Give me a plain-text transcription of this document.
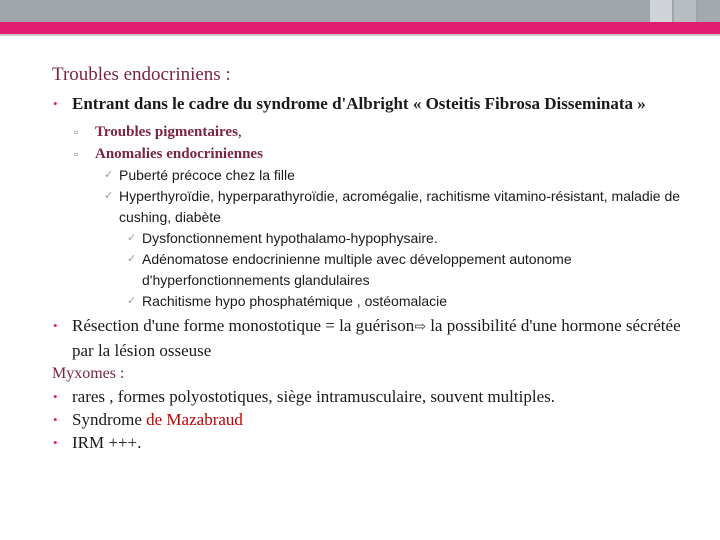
Troubles endocriniens :

• Entrant dans le cadre du syndrome d'Albright « Osteitis Fibrosa Disseminata »

▫ Troubles pigmentaires,

▫ Anomalies endocriniennes

✓ Puberté précoce chez la fille

✓ Hyperthyroïdie, hyperparathyroïdie, acromégalie, rachitisme vitamino-résistant, maladie de cushing, diabète

✓ Dysfonctionnement hypothalamo-hypophysaire.

✓ Adénomatose endocrinienne multiple avec développement autonome d'hyperfonctionnements glandulaires

✓ Rachitisme hypo phosphatémique , ostéomalacie

• Résection d'une forme monostotique = la guérison⇨ la possibilité d'une hormone sécrétée par la lésion osseuse

Myxomes :

• rares , formes polyostotiques, siège intramusculaire, souvent multiples.

• Syndrome de Mazabraud

• IRM +++.
